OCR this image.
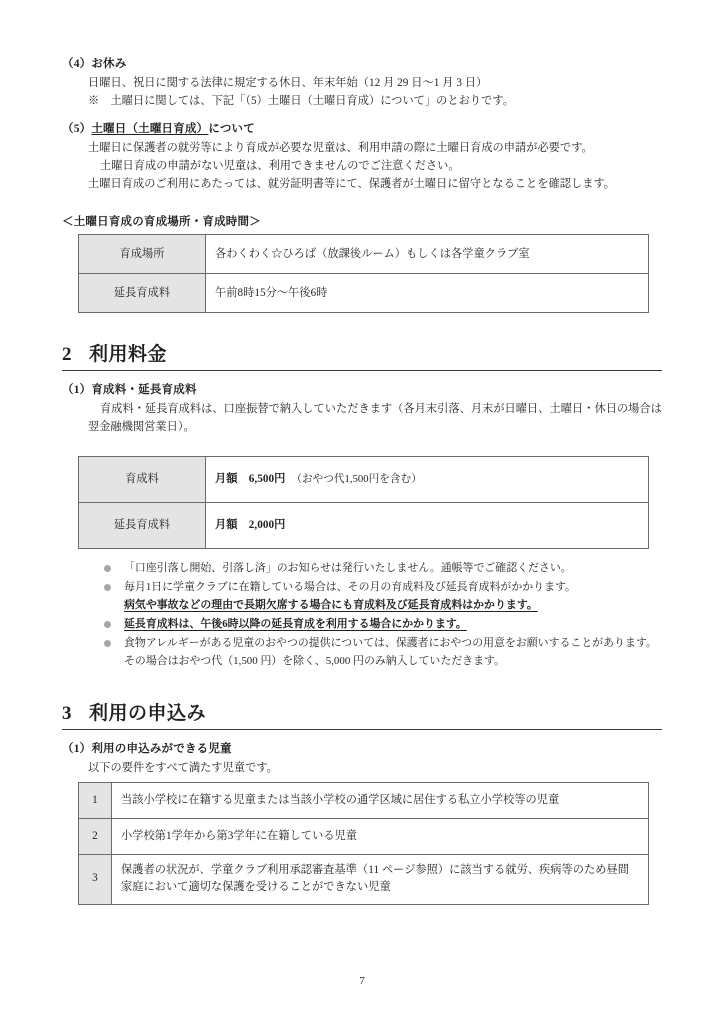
（4）お休み

日曜日、祝日に関する法律に規定する休日、年末年始（12 月 29 日〜1 月 3 日）

※　土曜日に関しては、下記「（5）土曜日（土曜日育成）について」のとおりです。

（5）土曜日（土曜日育成）について

土曜日に保護者の就労等により育成が必要な児童は、利用申請の際に土曜日育成の申請が必要です。

土曜日育成の申請がない児童は、利用できませんのでご注意ください。

土曜日育成のご利用にあたっては、就労証明書等にて、保護者が土曜日に留守となることを確認します。

＜土曜日育成の育成場所・育成時間＞

育成場所	各わくわく☆ひろば（放課後ルーム）もしくは各学童クラブ室
延長育成料	午前8時15分〜午後6時
2 利用料金

（1）育成料・延長育成料

育成料・延長育成料は、口座振替で納入していただきます（各月末引落、月末が日曜日、土曜日・休日の場合は翌金融機関営業日）。

育成料	月額　6,500円　 （おやつ代1,500円を含む）
延長育成料	月額　2,000円
「口座引落し開始、引落し済」のお知らせは発行いたしません。通帳等でご確認ください。
毎月1日に学童クラブに在籍している場合は、その月の育成料及び延長育成料がかかります。
病気や事故などの理由で長期欠席する場合にも育成料及び延長育成料はかかります。
延長育成料は、午後6時以降の延長育成を利用する場合にかかります。
食物アレルギーがある児童のおやつの提供については、保護者におやつの用意をお願いすることがあります。その場合はおやつ代（1,500 円）を除く、5,000 円のみ納入していただきます。
3 利用の申込み

（1）利用の申込みができる児童

以下の要件をすべて満たす児童です。

1	当該小学校に在籍する児童または当該小学校の通学区域に居住する私立小学校等の児童
2	小学校第1学年から第3学年に在籍している児童
3	保護者の状況が、学童クラブ利用承認審査基準（11 ページ参照）に該当する就労、疾病等のため昼間家庭において適切な保護を受けることができない児童
7
